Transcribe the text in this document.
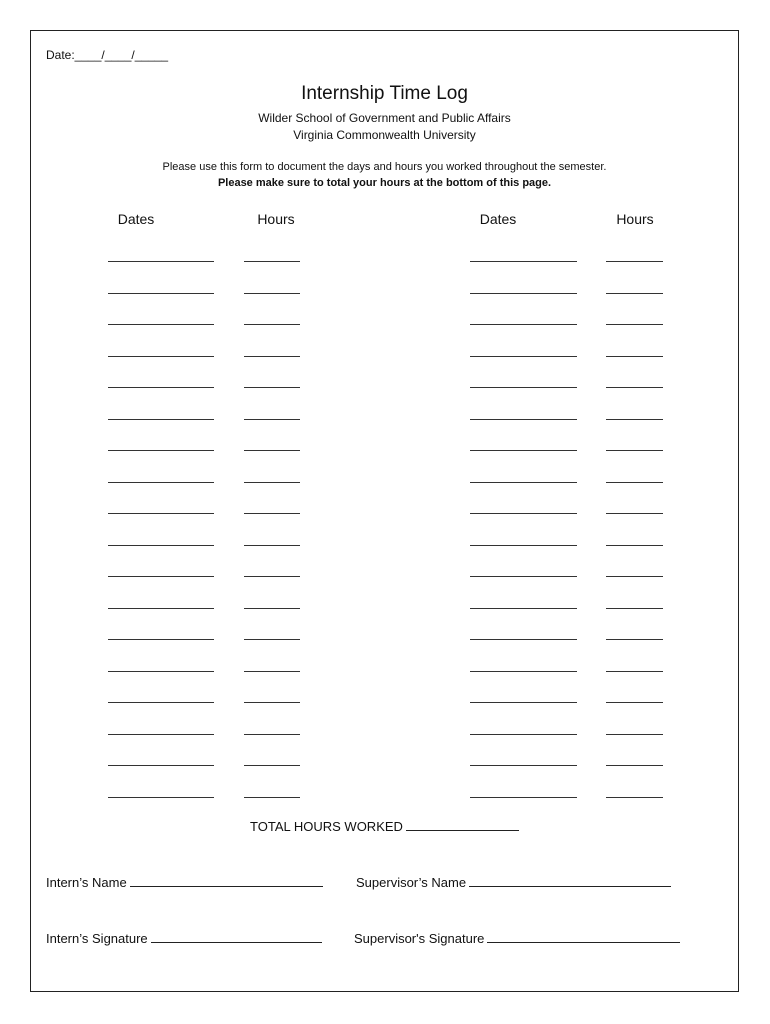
Date:____/____/_____
Internship Time Log
Wilder School of Government and Public Affairs
Virginia Commonwealth University
Please use this form to document the days and hours you worked throughout the semester.
Please make sure to total your hours at the bottom of this page.
Dates	Hours	Dates	Hours
TOTAL HOURS WORKED
Intern’s Name	Supervisor’s Name
Intern’s Signature	Supervisor's Signature
